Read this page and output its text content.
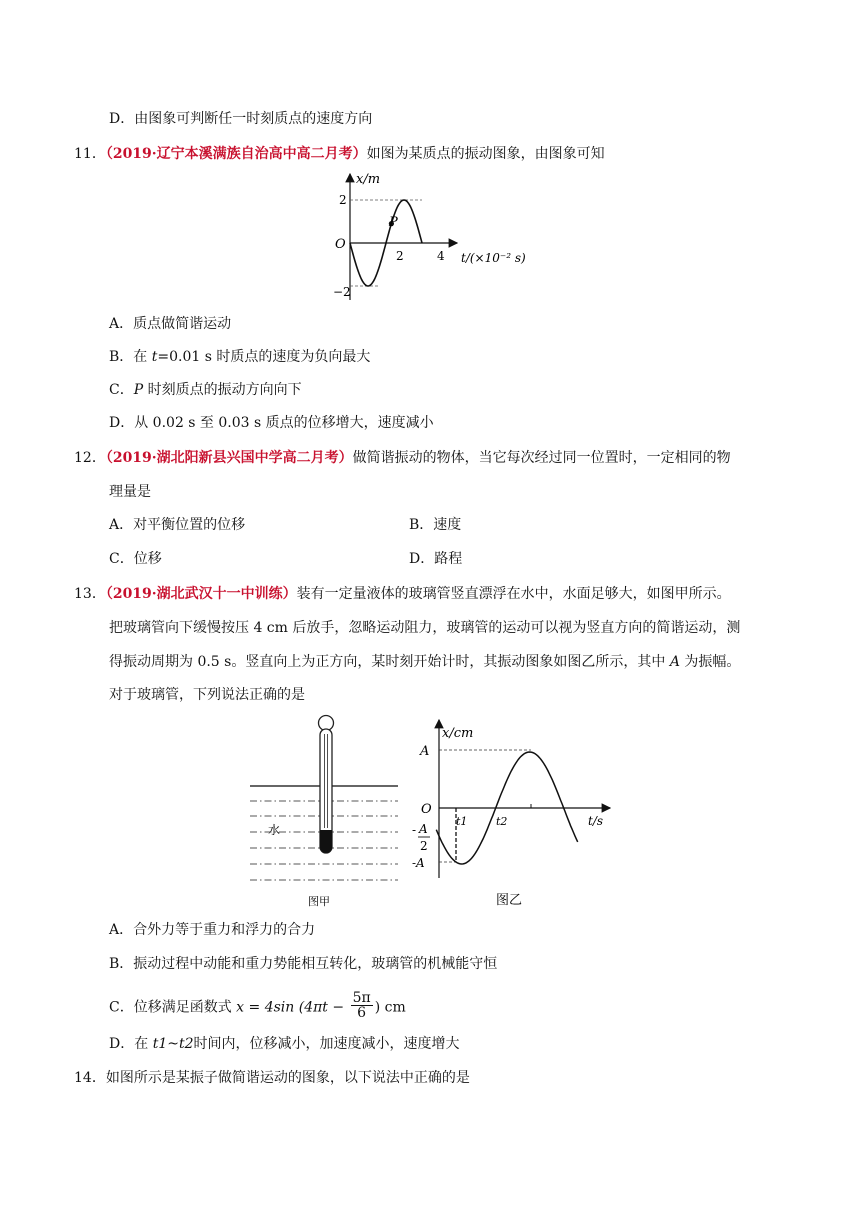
D．由图象可判断任一时刻质点的速度方向
11．（2019·辽宁本溪满族自治高中高二月考）如图为某质点的振动图象，由图象可知
x/m
t/(×10⁻² s)
O
2
−2
2	4
P
A．质点做简谐运动
B．在 t=0.01 s 时质点的速度为负向最大
C．P 时刻质点的振动方向向下
D．从 0.02 s 至 0.03 s 质点的位移增大，速度减小
12．（2019·湖北阳新县兴国中学高二月考）做简谐振动的物体，当它每次经过同一位置时，一定相同的物
理量是
A．对平衡位置的位移	B．速度
C．位移	D．路程
13．（2019·湖北武汉十一中训练）装有一定量液体的玻璃管竖直漂浮在水中，水面足够大，如图甲所示。
把玻璃管向下缓慢按压 4 cm 后放手，忽略运动阻力，玻璃管的运动可以视为竖直方向的简谐运动，测
得振动周期为 0.5 s。竖直向上为正方向，某时刻开始计时，其振动图象如图乙所示，其中 A 为振幅。
对于玻璃管，下列说法正确的是
水
图甲
x/cm
t/s
O
A
- A
2
-A
t1	t2
图乙
A．合外力等于重力和浮力的合力
B．振动过程中动能和重力势能相互转化，玻璃管的机械能守恒
C．位移满足函数式 x = 4sin ($4\pi t - \frac{5\pi}{6}$ ) cm
D．在 t1~t2时间内，位移减小，加速度减小，速度增大
14．如图所示是某振子做简谐运动的图象，以下说法中正确的是
